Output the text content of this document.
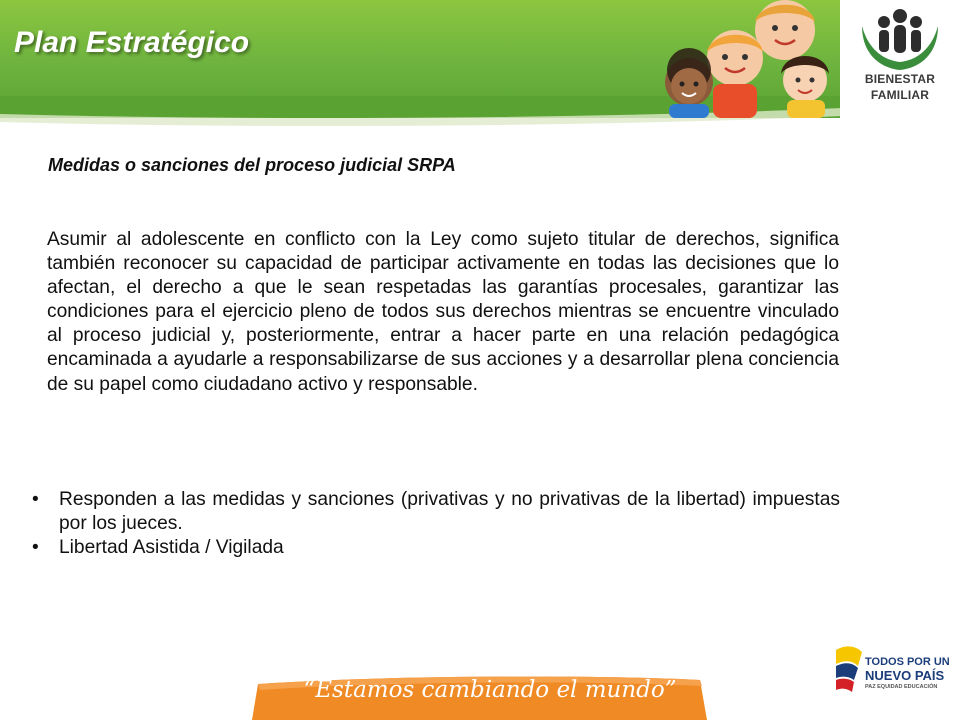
Plan Estratégico
BIENESTAR
FAMILIAR
Medidas o sanciones del proceso judicial SRPA

Asumir al adolescente en conflicto con la Ley como sujeto titular de derechos, significa también reconocer su capacidad de participar activamente en todas las decisiones que lo afectan, el derecho a que le sean respetadas las garantías procesales, garantizar las condiciones para el ejercicio pleno de todos sus derechos mientras se encuentre vinculado al proceso judicial y, posteriormente, entrar a hacer parte en una relación pedagógica encaminada a ayudarle a responsabilizarse de sus acciones y a desarrollar plena conciencia de su papel como ciudadano activo y responsable.

• Responden a las medidas y sanciones (privativas y no privativas de la libertad) impuestas por los jueces.
• Libertad Asistida / Vigilada
“Estamos cambiando el mundo”
TODOS POR UN
NUEVO PAÍS
PAZ EQUIDAD EDUCACIÓN
